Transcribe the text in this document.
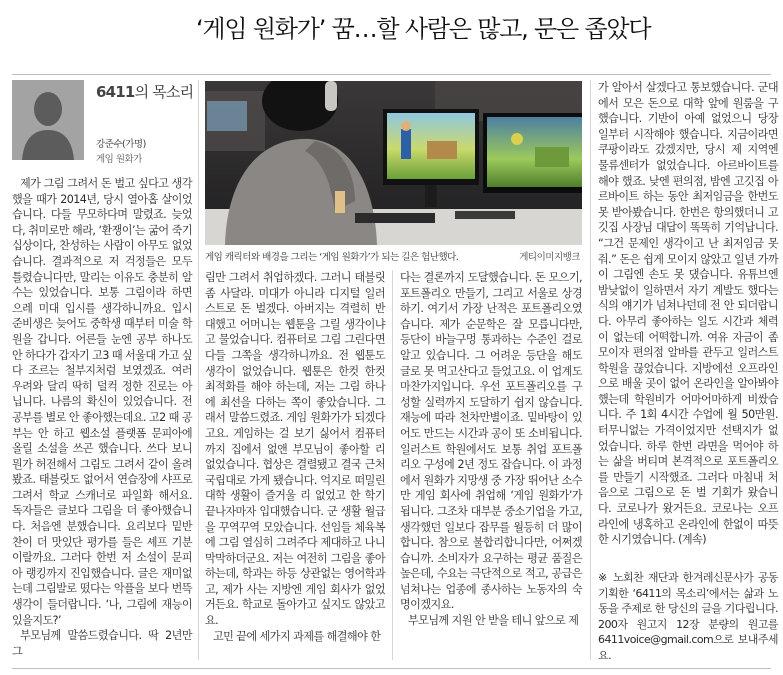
‘게임 원화가’ 꿈…할 사람은 많고, 문은 좁았다
6411의 목소리
강준수(가명)
게임 원화가

제가 그림 그려서 돈 벌고 싶다고 생각했을 때가 2014년, 당시 열아홉 살이었습니다. 다들 무모하다며 말렸죠. 늦었다, 취미로만 해라, ‘환쟁이’는 굶어 죽기 십상이다, 찬성하는 사람이 아무도 없었습니다. 결과적으로 저 걱정들은 모두 틀렸습니다만, 말리는 이유도 충분히 알 수는 있었습니다. 보통 그림이라 하면 으레 미대 입시를 생각하니까요. 입시 준비생은 늦어도 중학생 때부터 미술 학원을 갑니다. 어른들 눈엔 공부 하나도 안 하다가 갑자기 고3 때 서울대 가고 싶다 조르는 철부지처럼 보였겠죠. 여러 우려와 달리 딱히 덜컥 정한 진로는 아닙니다. 나름의 확신이 있었습니다. 전 공부를 별로 안 좋아했는데요. 고2 때 공부는 안 하고 웹소설 플랫폼 문피아에 올릴 소설을 쓰곤 했습니다. 쓰다 보니 뭔가 허전해서 그림도 그려서 같이 올려봤죠. 태블릿도 없어서 연습장에 샤프로 그려서 학교 스캐너로 파일화 해서요. 독자들은 글보다 그림을 더 좋아했습니다. 처음엔 분했습니다. 요리보다 밑반찬이 더 맛있단 평가를 들은 셰프 기분이랄까요. 그러다 한번 저 소설이 문피아 랭킹까지 진입했습니다. 글은 재미없는데 그림발로 떴다는 악플을 보다 번뜩 생각이 들더랍니다. ‘나, 그림에 재능이 있을지도?’

부모님께 말씀드렸습니다. 딱 2년만 그

게임 캐릭터와 배경을 그리는 ‘게임 원화가’가 되는 길은 험난했다.	게티이미지뱅크

림만 그려서 취업하겠다. 그러니 태블릿 좀 사달라. 미대가 아니라 디지털 일러스트로 돈 벌겠다. 아버지는 격렬히 반대했고 어머니는 웹툰을 그릴 생각이냐고 물었습니다. 컴퓨터로 그림 그린다면 다들 그쪽을 생각하니까요. 전 웹툰도 생각이 없었습니다. 웹툰은 한컷 한컷 최적화를 해야 하는데, 저는 그림 하나에 최선을 다하는 쪽이 좋았습니다. 그래서 말씀드렸죠. 게임 원화가가 되겠다고요. 게임하는 걸 보기 싫어서 컴퓨터까지 집에서 없앤 부모님이 좋아할 리 없었습니다. 협상은 결렬됐고 결국 근처 국립대로 가게 됐습니다. 억지로 떠밀린 대학 생활이 즐거울 리 없었고 한 학기 끝나자마자 입대했습니다. 군 생활 월급을 꾸역꾸역 모았습니다. 선임들 체육복에 그림 열심히 그려주다 제대하고 나니 막막하더군요. 저는 여전히 그림을 좋아하는데, 학과는 하등 상관없는 영어학과고, 제가 사는 지방엔 게임 회사가 없었거든요. 학교로 돌아가고 싶지도 않았고요.

고민 끝에 세가지 과제를 해결해야 한

다는 결론까지 도달했습니다. 돈 모으기, 포트폴리오 만들기, 그리고 서울로 상경하기. 여기서 가장 난적은 포트폴리오였습니다. 제가 순문학은 잘 모릅니다만, 등단이 바늘구멍 통과하는 수준인 걸로 알고 있습니다. 그 어려운 등단을 해도 글로 못 먹고산다고 들었고요. 이 업계도 마찬가지입니다. 우선 포트폴리오를 구성할 실력까지 도달하기 쉽지 않습니다. 재능에 따라 천차만별이죠. 밑바탕이 있어도 만드는 시간과 공이 또 소비됩니다. 일러스트 학원에서도 보통 취업 포트폴리오 구성에 2년 정도 잡습니다. 이 과정에서 원화가 지망생 중 가장 뛰어난 소수만 게임 회사에 취업해 ‘게임 원화가’가 됩니다. 그조차 대부분 중소기업을 가고, 생각했던 일보다 잡무를 월등히 더 많이 합니다. 참으로 불합리합니다만, 어쩌겠습니까. 소비자가 요구하는 평균 품질은 높은데, 수요는 극단적으로 적고, 공급은 넘쳐나는 업종에 종사하는 노동자의 숙명이겠지요.

부모님께 지원 안 받을 테니 앞으로 제

가 알아서 살겠다고 통보했습니다. 군대에서 모은 돈으로 대학 앞에 원룸을 구했습니다. 기반이 아예 없었으니 당장 일부터 시작해야 했습니다. 지금이라면 쿠팡이라도 갔겠지만, 당시 제 지역엔 물류센터가 없었습니다. 아르바이트를 해야 했죠. 낮엔 편의점, 밤엔 고깃집 아르바이트 하는 동안 최저임금을 한번도 못 받아봤습니다. 한번은 항의했더니 고깃집 사장님 대답이 똑똑히 기억납니다. “그건 문제인 생각이고 난 최저임금 못 줘.” 돈은 쉽게 모이지 않았고 일년 가까이 그림엔 손도 못 댔습니다. 유튜브엔 밤낮없이 일하면서 자기 계발도 했다는 식의 얘기가 넘쳐나던데 전 안 되더랍니다. 아무리 좋아하는 일도 시간과 체력이 없는데 어떡합니까. 여유 자금이 좀 모이자 편의점 알바를 관두고 일러스트 학원을 끊었습니다. 지방에선 오프라인으로 배울 곳이 없어 온라인을 알아봐야 했는데 학원비가 어마어마하게 비쌌습니다. 주 1회 4시간 수업에 월 50만원. 터무니없는 가격이었지만 선택지가 없었습니다. 하루 한번 라면을 먹어야 하는 삶을 버티며 본격적으로 포트폴리오를 만들기 시작했죠. 그러다 마침내 처음으로 그림으로 돈 벌 기회가 왔습니다. 코로나가 왔거든요. 코로나는 오프라인에 냉혹하고 온라인에 한없이 따뜻한 시기였습니다. (계속)

※ 노회찬 재단과 한겨레신문사가 공동기획한 ‘6411의 목소리’에서는 삶과 노동을 주제로 한 당신의 글을 기다립니다. 200자 원고지 12장 분량의 원고를 6411voice@gmail.com으로 보내주세요.
